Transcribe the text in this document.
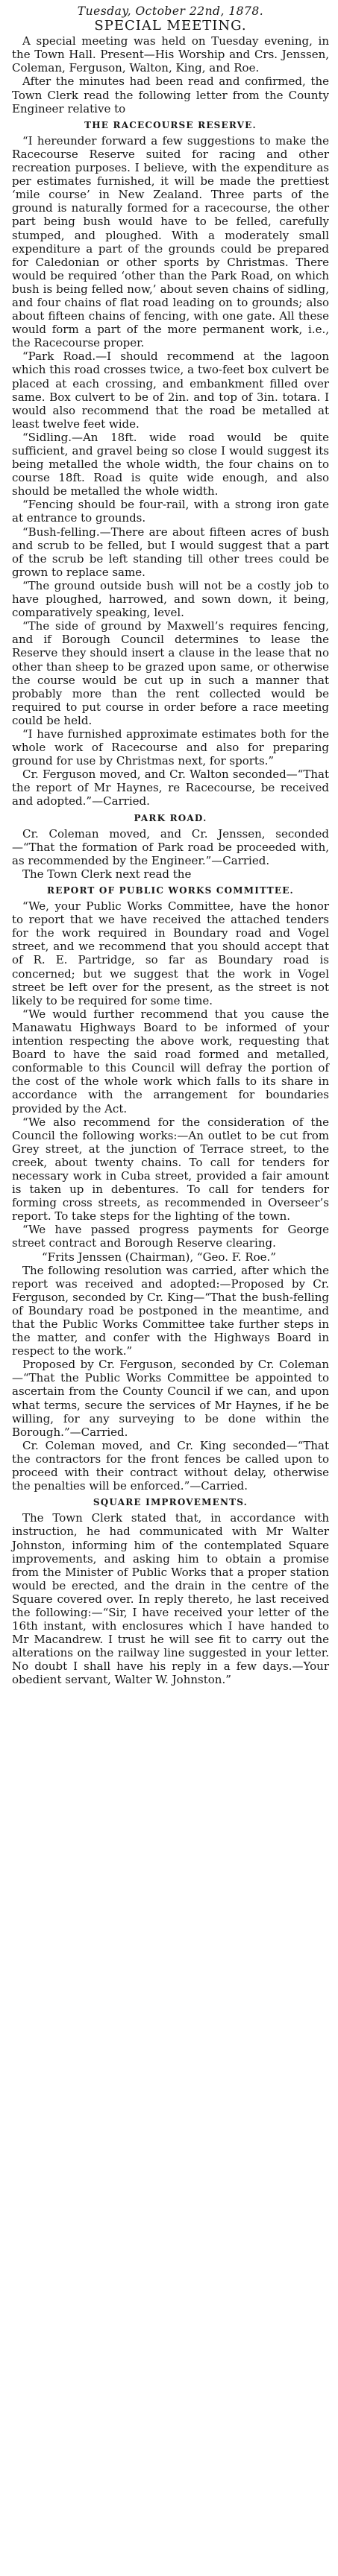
Tuesday, October 22nd, 1878.
SPECIAL MEETING.

A special meeting was held on Tuesday evening, in the Town Hall. Present—His Worship and Crs. Jenssen, Coleman, Ferguson, Walton, King, and Roe.

After the minutes had been read and confirmed, the Town Clerk read the following letter from the County Engineer relative to

THE RACECOURSE RESERVE.

“I hereunder forward a few suggestions to make the Racecourse Reserve suited for racing and other recreation purposes. I believe, with the expenditure as per estimates furnished, it will be made the prettiest ‘mile course’ in New Zealand. Three parts of the ground is naturally formed for a racecourse, the other part being bush would have to be felled, carefully stumped, and ploughed. With a moderately small expenditure a part of the grounds could be prepared for Caledonian or other sports by Christmas. There would be required ‘other than the Park Road, on which bush is being felled now,’ about seven chains of sidling, and four chains of flat road leading on to grounds; also about fifteen chains of fencing, with one gate. All these would form a part of the more permanent work, i.e., the Racecourse proper.

“Park Road.—I should recommend at the lagoon which this road crosses twice, a two-feet box culvert be placed at each crossing, and embankment filled over same. Box culvert to be of 2in. and top of 3in. totara. I would also recommend that the road be metalled at least twelve feet wide.

“Sidling.—An 18ft. wide road would be quite sufficient, and gravel being so close I would suggest its being metalled the whole width, the four chains on to course 18ft. Road is quite wide enough, and also should be metalled the whole width.

“Fencing should be four-rail, with a strong iron gate at entrance to grounds.

“Bush-felling.—There are about fifteen acres of bush and scrub to be felled, but I would suggest that a part of the scrub be left standing till other trees could be grown to replace same.

“The ground outside bush will not be a costly job to have ploughed, harrowed, and sown down, it being, comparatively speaking, level.

“The side of ground by Maxwell’s requires fencing, and if Borough Council determines to lease the Reserve they should insert a clause in the lease that no other than sheep to be grazed upon same, or otherwise the course would be cut up in such a manner that probably more than the rent collected would be required to put course in order before a race meeting could be held.

“I have furnished approximate estimates both for the whole work of Racecourse and also for preparing ground for use by Christmas next, for sports.”

Cr. Ferguson moved, and Cr. Walton seconded—“That the report of Mr Haynes, re Racecourse, be received and adopted.”—Carried.

PARK ROAD.

Cr. Coleman moved, and Cr. Jenssen, seconded—“That the formation of Park road be proceeded with, as recommended by the Engineer.”—Carried.

The Town Clerk next read the

REPORT OF PUBLIC WORKS COMMITTEE.

“We, your Public Works Committee, have the honor to report that we have received the attached tenders for the work required in Boundary road and Vogel street, and we recommend that you should accept that of R. E. Partridge, so far as Boundary road is concerned; but we suggest that the work in Vogel street be left over for the present, as the street is not likely to be required for some time.

“We would further recommend that you cause the Manawatu Highways Board to be informed of your intention respecting the above work, requesting that Board to have the said road formed and metalled, conformable to this Council will defray the portion of the cost of the whole work which falls to its share in accordance with the arrangement for boundaries provided by the Act.

“We also recommend for the consideration of the Council the following works:—An outlet to be cut from Grey street, at the junction of Terrace street, to the creek, about twenty chains. To call for tenders for necessary work in Cuba street, provided a fair amount is taken up in debentures. To call for tenders for forming cross streets, as recommended in Overseer’s report. To take steps for the lighting of the town.

“We have passed progress payments for George street contract and Borough Reserve clearing.

“Frits Jenssen (Chairman), “Geo. F. Roe.”

The following resolution was carried, after which the report was received and adopted:—Proposed by Cr. Ferguson, seconded by Cr. King—“That the bush-felling of Boundary road be postponed in the meantime, and that the Public Works Committee take further steps in the matter, and confer with the Highways Board in respect to the work.”

Proposed by Cr. Ferguson, seconded by Cr. Coleman—“That the Public Works Committee be appointed to ascertain from the County Council if we can, and upon what terms, secure the services of Mr Haynes, if he be willing, for any surveying to be done within the Borough.”—Carried.

Cr. Coleman moved, and Cr. King seconded—“That the contractors for the front fences be called upon to proceed with their contract without delay, otherwise the penalties will be enforced.”—Carried.

SQUARE IMPROVEMENTS.

The Town Clerk stated that, in accordance with instruction, he had communicated with Mr Walter Johnston, informing him of the contemplated Square improvements, and asking him to obtain a promise from the Minister of Public Works that a proper station would be erected, and the drain in the centre of the Square covered over. In reply thereto, he last received the following:—“Sir, I have received your letter of the 16th instant, with enclosures which I have handed to Mr Macandrew. I trust he will see fit to carry out the alterations on the railway line suggested in your letter. No doubt I shall have his reply in a few days.—Your obedient servant, Walter W. Johnston.”
